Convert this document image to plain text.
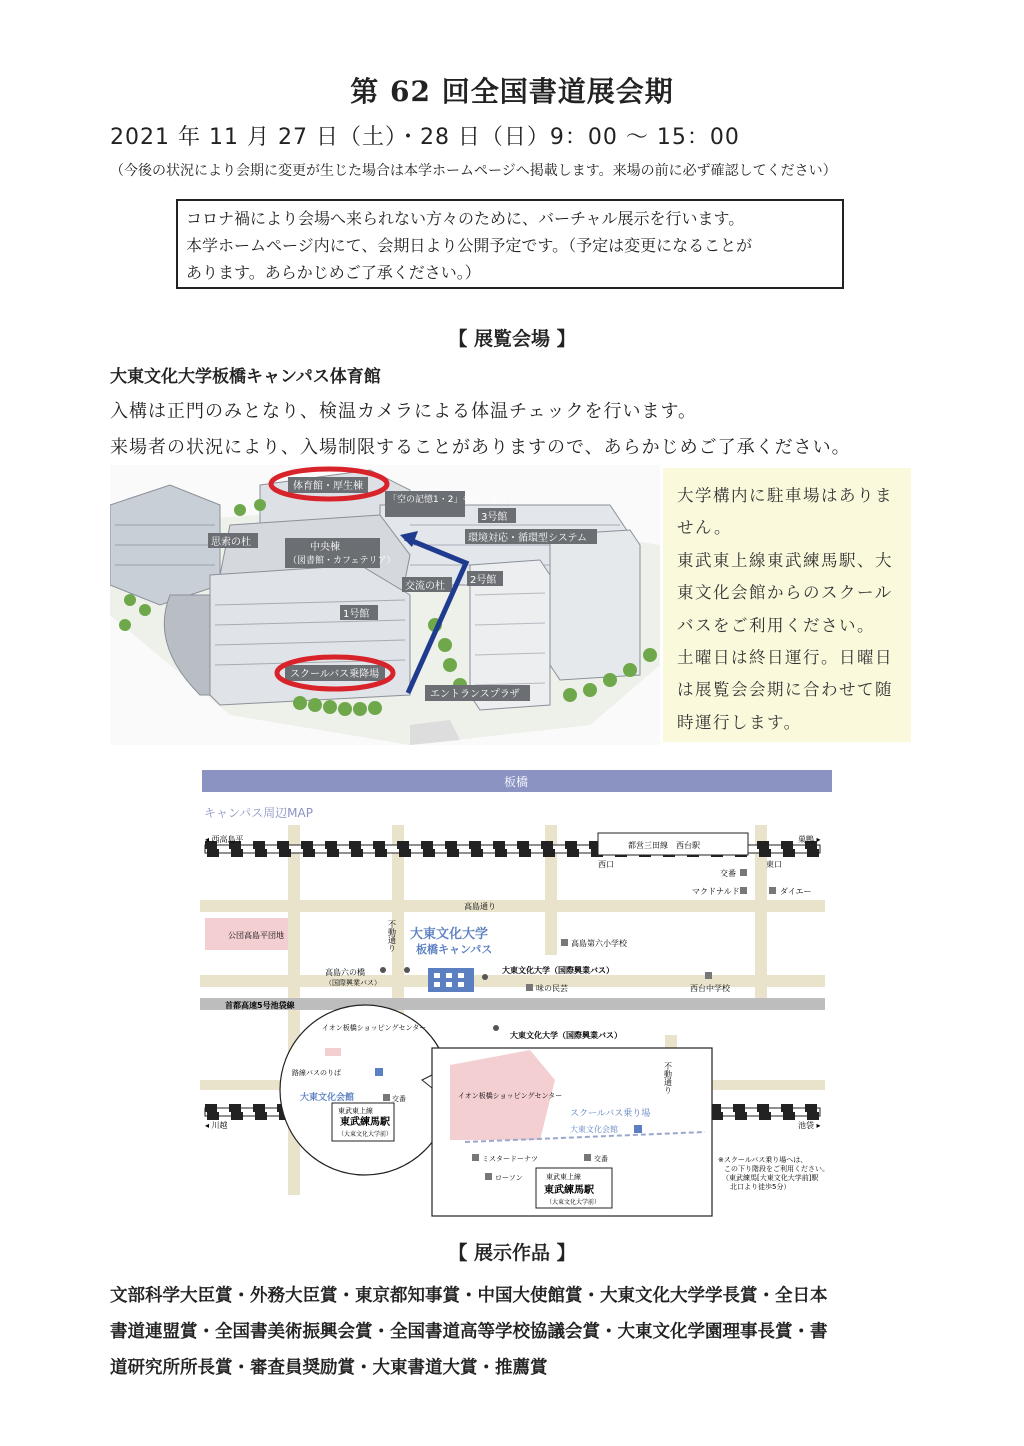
第 62 回全国書道展会期
2021 年 11 月 27 日（土）・28 日（日）9：00 〜 15：00
（今後の状況により会期に変更が生じた場合は本学ホームページへ掲載します。来場の前に必ず確認してください）
コロナ禍により会場へ来られない方々のために、バーチャル展示を行います。
本学ホームページ内にて、会期日より公開予定です。（予定は変更になることが
あります。あらかじめご了承ください。）
【 展覧会場 】
大東文化大学板橋キャンパス体育館
入構は正門のみとなり、検温カメラによる体温チェックを行います。
来場者の状況により、入場制限することがありますので、あらかじめご了承ください。
体育館・厚生棟
「空の記憶1・2」モニュメント
3号館
環境対応・循環型システム
思索の杜	中央棟
（図書館・カフェテリア）
交流の杜
2号館
1号館
スクールバス乗降場
エントランスプラザ
大学構内に駐車場はありま
せん。
東武東上線東武練馬駅、大
東文化会館からのスクール
バスをご利用ください。
土曜日は終日運行。日曜日
は展覧会会期に合わせて随
時運行します。
板橋
キャンパス周辺MAP
◂ 西高島平	巣鴨 ▸
都営三田線　西台駅
西口	東口
交番
マクドナルド	ダイエー
高島通り
不動通り
公団高島平団地	大東文化大学
板橋キャンパス	高島第六小学校
高島六の橋
（国際興業バス）
大東文化大学（国際興業バス）
味の民芸	西台中学校
首都高速5号池袋線
◂ 川越	池袋 ▸
イオン板橋ショッピングセンター
路線バスのりば
大東文化会館	交番
東武東上線
東武練馬駅
（大東文化大学前）
イオン板橋ショッピングセンター
大東文化大学（国際興業バス）
不動通り
スクールバス乗り場
大東文化会館
ミスタードーナツ	交番
ローソン	東武東上線
東武練馬駅
（大東文化大学前）
※スクールバス乗り場へは、
この下り階段をご利用ください。
（東武練馬[大東文化大学前]駅
北口より徒歩5分）
【 展示作品 】
文部科学大臣賞・外務大臣賞・東京都知事賞・中国大使館賞・大東文化大学学長賞・全日本
書道連盟賞・全国書美術振興会賞・全国書道高等学校協議会賞・大東文化学園理事長賞・書
道研究所所長賞・審査員奨励賞・大東書道大賞・推薦賞
